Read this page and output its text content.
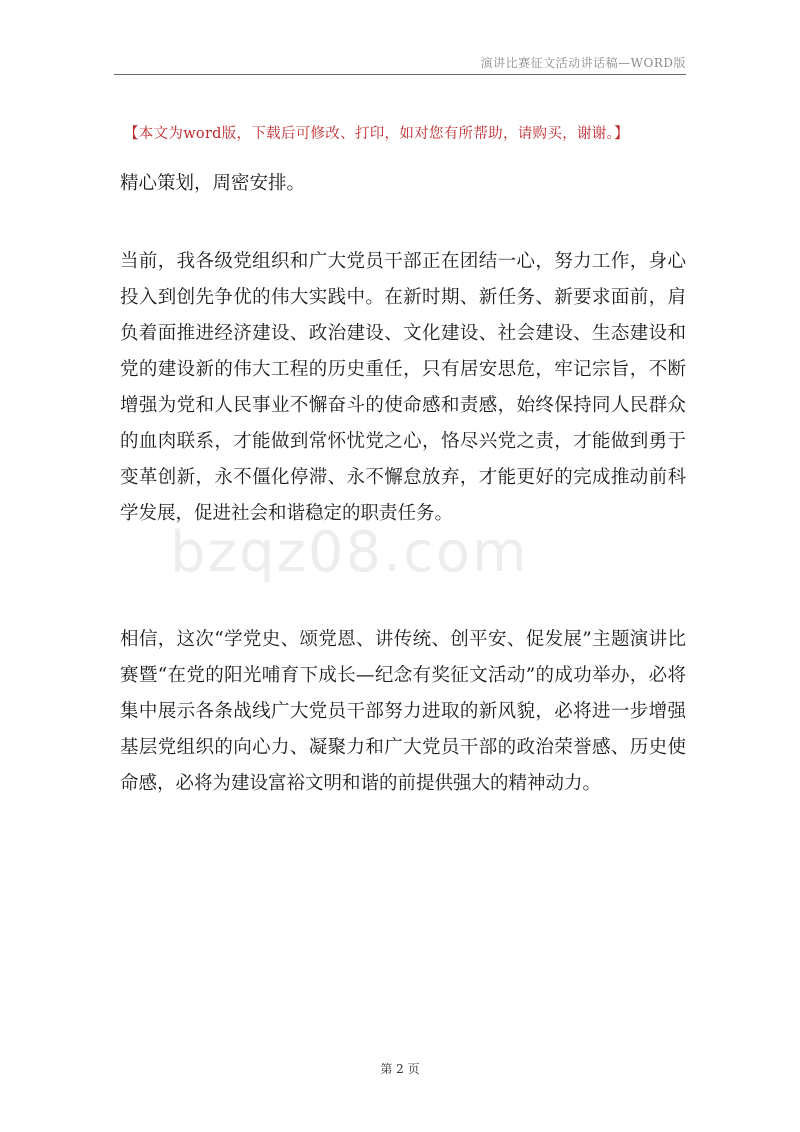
演讲比赛征文活动讲话稿—WORD版
【本文为word版，下载后可修改、打印，如对您有所帮助，请购买，谢谢。】

精心策划，周密安排。

当前，我各级党组织和广大党员干部正在团结一心，努力工作，身心投入到创先争优的伟大实践中。在新时期、新任务、新要求面前，肩负着面推进经济建设、政治建设、文化建设、社会建设、生态建设和党的建设新的伟大工程的历史重任，只有居安思危，牢记宗旨，不断增强为党和人民事业不懈奋斗的使命感和责感，始终保持同人民群众的血肉联系，才能做到常怀忧党之心，恪尽兴党之责，才能做到勇于变革创新，永不僵化停滞、永不懈怠放弃，才能更好的完成推动前科学发展，促进社会和谐稳定的职责任务。

相信，这次“学党史、颂党恩、讲传统、创平安、促发展”主题演讲比赛暨“在党的阳光哺育下成长—纪念有奖征文活动”的成功举办，必将集中展示各条战线广大党员干部努力进取的新风貌，必将进一步增强基层党组织的向心力、凝聚力和广大党员干部的政治荣誉感、历史使命感，必将为建设富裕文明和谐的前提供强大的精神动力。

bzqz08.com
第 2 页
